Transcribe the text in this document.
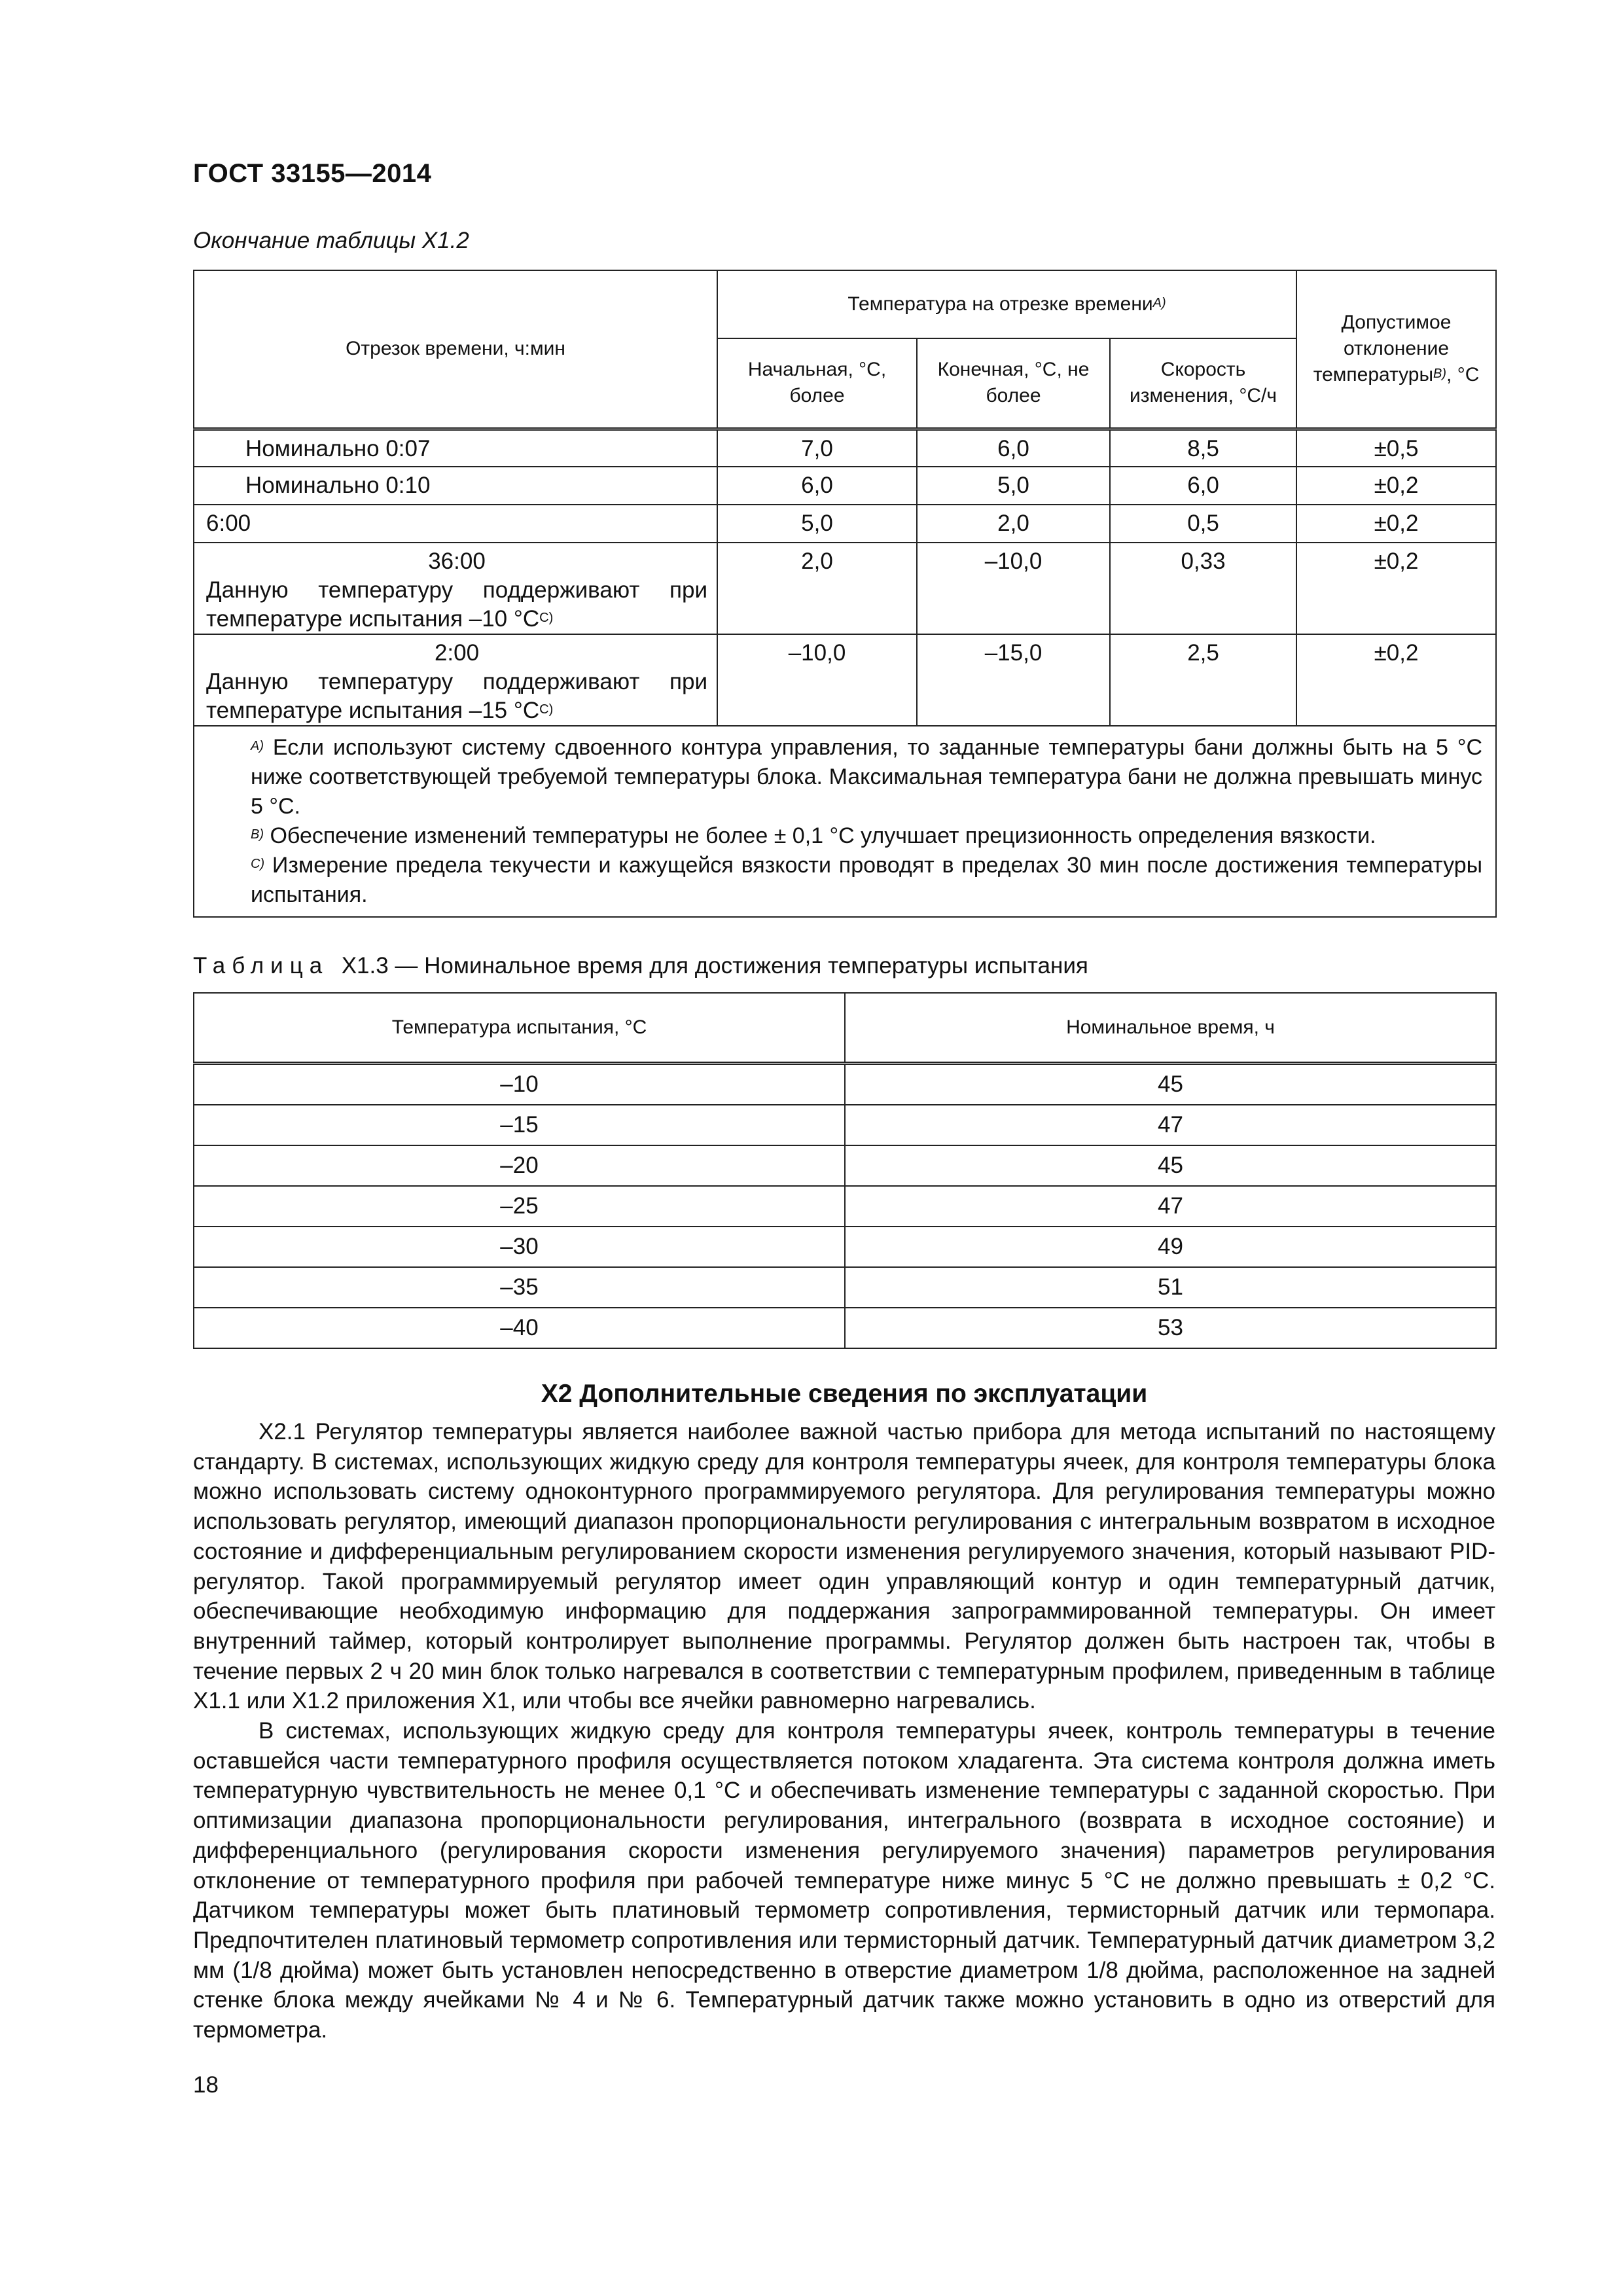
ГОСТ 33155—2014
Окончание таблицы X1.2
Отрезок времени, ч:мин	Температура на отрезке времени$^{A)}$			Допустимое отклонение температуры$^{B)}$, °С
	Начальная, °С, более	Конечная, °С, не более	Скорость изменения, °С/ч	
Номинально 0:07	7,0	6,0	8,5	±0,5
Номинально 0:10	6,0	5,0	6,0	±0,2
6:00	5,0	2,0	0,5	±0,2

36:00
Данную температуру поддерживают при
температуре испытания –10 $^\circ С^{C)}$	2,0	–10,0	0,33	±0,2

2:00
Данную температуру поддерживают при
температуре испытания –15 $^\circ С^{C)}$	–10,0	–15,0	2,5	±0,2

$^{A)}$ Если используют систему сдвоенного контура управления, то заданные температуры бани должны быть на 5 °С ниже соответствующей требуемой температуры блока. Максимальная температура бани не должна превышать минус 5 °С.

$^{B)}$ Обеспечение изменений температуры не более ± 0,1 °С улучшает прецизионность определения вязкости.

$^{C)}$ Измерение предела текучести и кажущейся вязкости проводят в пределах 30 мин после достижения температуры испытания.				

Таблица X1.3 — Номинальное время для достижения температуры испытания
Температура испытания, °С	Номинальное время, ч
–10	45
–15	47
–20	45
–25	47
–30	49
–35	51
–40	53
X2 Дополнительные сведения по эксплуатации

X2.1 Регулятор температуры является наиболее важной частью прибора для метода испытаний по настоящему стандарту. В системах, использующих жидкую среду для контроля температуры ячеек, для контроля температуры блока можно использовать систему одноконтурного программируемого регулятора. Для регулирования температуры можно использовать регулятор, имеющий диапазон пропорциональности регулирования с интегральным возвратом в исходное состояние и дифференциальным регулированием скорости изменения регулируемого значения, который называют PID-регулятор. Такой программируемый регулятор имеет один управляющий контур и один температурный датчик, обеспечивающие необходимую информацию для поддержания запрограммированной температуры. Он имеет внутренний таймер, который контролирует выполнение программы. Регулятор должен быть настроен так, чтобы в течение первых 2 ч 20 мин блок только нагревался в соответствии с температурным профилем, приведенным в таблице X1.1 или X1.2 приложения X1, или чтобы все ячейки равномерно нагревались.

В системах, использующих жидкую среду для контроля температуры ячеек, контроль температуры в течение оставшейся части температурного профиля осуществляется потоком хладагента. Эта система контроля должна иметь температурную чувствительность не менее 0,1 °С и обеспечивать изменение температуры с заданной скоростью. При оптимизации диапазона пропорциональности регулирования, интегрального (возврата в исходное состояние) и дифференциального (регулирования скорости изменения регулируемого значения) параметров регулирования отклонение от температурного профиля при рабочей температуре ниже минус 5 °С не должно превышать ± 0,2 °С. Датчиком температуры может быть платиновый термометр сопротивления, термисторный датчик или термопара. Предпочтителен платиновый термометр сопротивления или термисторный датчик. Температурный датчик диаметром 3,2 мм (1/8 дюйма) может быть установлен непосредственно в отверстие диаметром 1/8 дюйма, расположенное на задней стенке блока между ячейками № 4 и № 6. Температурный датчик также можно установить в одно из отверстий для термометра.

18
